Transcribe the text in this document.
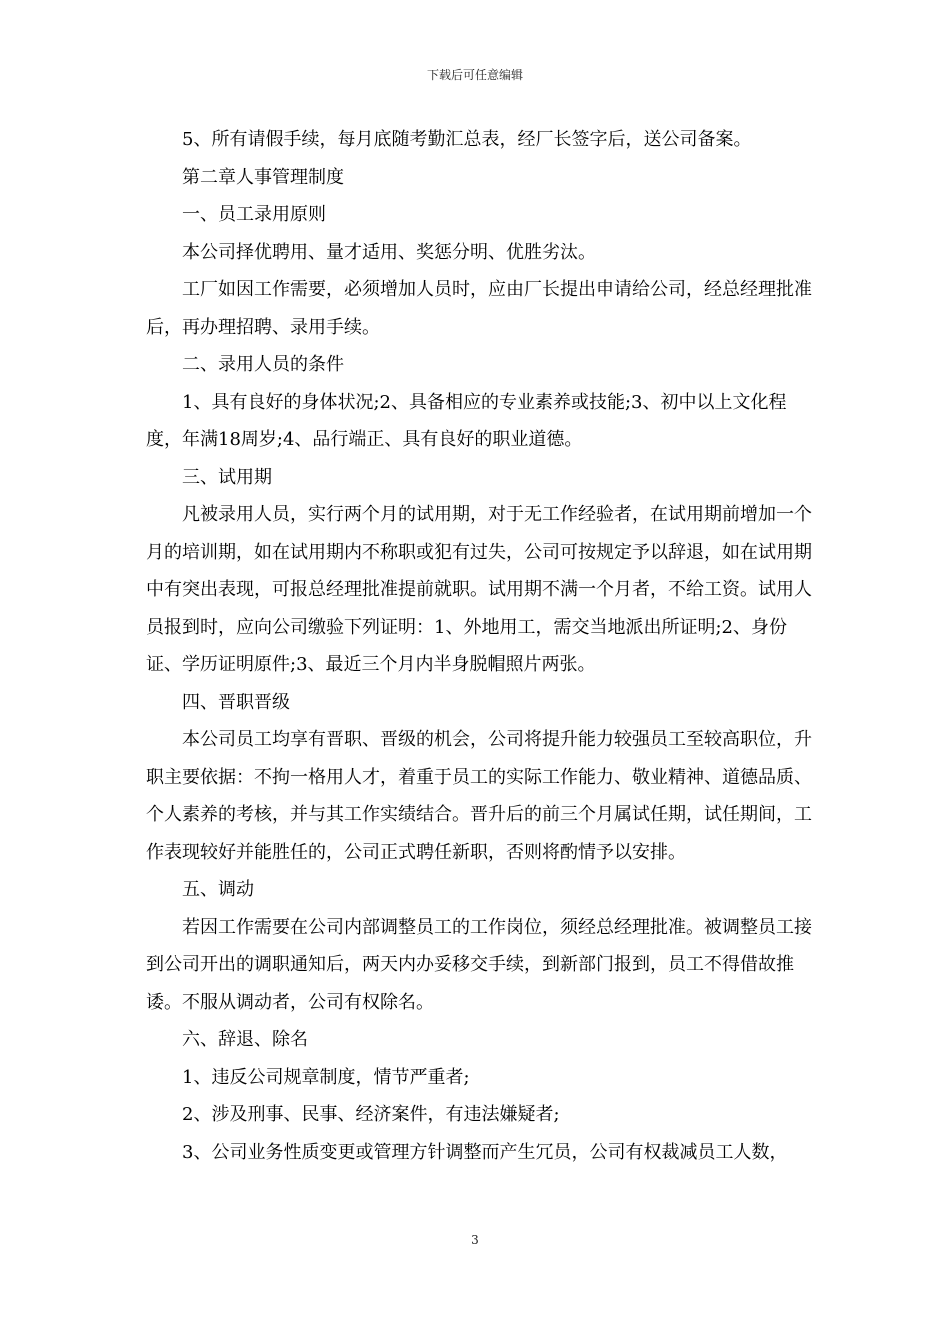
下载后可任意编辑

5、所有请假手续，每月底随考勤汇总表，经厂长签字后，送公司备案。

第二章人事管理制度

一、员工录用原则

本公司择优聘用、量才适用、奖惩分明、优胜劣汰。

工厂如因工作需要，必须增加人员时，应由厂长提出申请给公司，经总经理批准后，再办理招聘、录用手续。

二、录用人员的条件

1、具有良好的身体状况;2、具备相应的专业素养或技能;3、初中以上文化程度，年满18周岁;4、品行端正、具有良好的职业道德。

三、试用期

凡被录用人员，实行两个月的试用期，对于无工作经验者，在试用期前增加一个月的培训期，如在试用期内不称职或犯有过失，公司可按规定予以辞退，如在试用期中有突出表现，可报总经理批准提前就职。试用期不满一个月者，不给工资。试用人员报到时，应向公司缴验下列证明：1、外地用工，需交当地派出所证明;2、身份证、学历证明原件;3、最近三个月内半身脱帽照片两张。

四、晋职晋级

本公司员工均享有晋职、晋级的机会，公司将提升能力较强员工至较高职位，升职主要依据：不拘一格用人才，着重于员工的实际工作能力、敬业精神、道德品质、个人素养的考核，并与其工作实绩结合。晋升后的前三个月属试任期，试任期间，工作表现较好并能胜任的，公司正式聘任新职，否则将酌情予以安排。

五、调动

若因工作需要在公司内部调整员工的工作岗位，须经总经理批准。被调整员工接到公司开出的调职通知后，两天内办妥移交手续，到新部门报到，员工不得借故推诿。不服从调动者，公司有权除名。

六、辞退、除名

1、违反公司规章制度，情节严重者;

2、涉及刑事、民事、经济案件，有违法嫌疑者;

3、公司业务性质变更或管理方针调整而产生冗员，公司有权裁减员工人数，

3
